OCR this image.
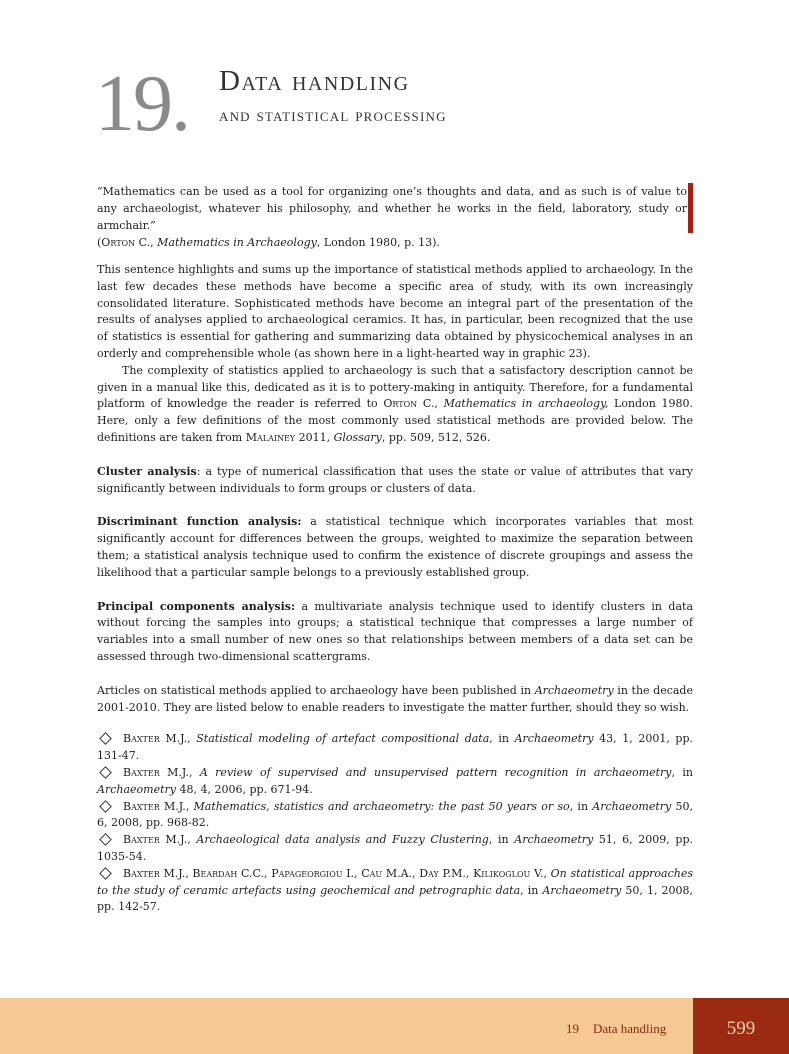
19. Data handling
and statistical processing
“Mathematics can be used as a tool for organizing one’s thoughts and data, and as such is of value to any archaeologist, whatever his philosophy, and whether he works in the field, laboratory, study or armchair.”
(Orton C., Mathematics in Archaeology, London 1980, p. 13).

This sentence highlights and sums up the importance of statistical methods applied to archaeology. In the last few decades these methods have become a specific area of study, with its own increasingly consolidated literature. Sophisticated methods have become an integral part of the presentation of the results of analyses applied to archaeological ceramics. It has, in particular, been recognized that the use of statistics is essential for gathering and summarizing data obtained by physicochemical analyses in an orderly and comprehensible whole (as shown here in a light-hearted way in graphic 23).

The complexity of statistics applied to archaeology is such that a satisfactory description cannot be given in a manual like this, dedicated as it is to pottery-making in antiquity. Therefore, for a fundamental platform of knowledge the reader is referred to Orton C., Mathematics in archaeology, London 1980. Here, only a few definitions of the most commonly used statistical methods are provided below. The definitions are taken from Malainey 2011, Glossary, pp. 509, 512, 526.

Cluster analysis: a type of numerical classification that uses the state or value of attributes that vary significantly between individuals to form groups or clusters of data.

Discriminant function analysis: a statistical technique which incorporates variables that most significantly account for differences between the groups, weighted to maximize the separation between them; a statistical analysis technique used to confirm the existence of discrete groupings and assess the likelihood that a particular sample belongs to a previously established group.

Principal components analysis: a multivariate analysis technique used to identify clusters in data without forcing the samples into groups; a statistical technique that compresses a large number of variables into a small number of new ones so that relationships between members of a data set can be assessed through two-dimensional scattergrams.

Articles on statistical methods applied to archaeology have been published in Archaeometry in the decade 2001-2010. They are listed below to enable readers to investigate the matter further, should they so wish.

Baxter M.J., Statistical modeling of artefact compositional data, in Archaeometry 43, 1, 2001, pp. 131-47.

Baxter M.J., A review of supervised and unsupervised pattern recognition in archaeometry, in Archaeometry 48, 4, 2006, pp. 671-94.

Baxter M.J., Mathematics, statistics and archaeometry: the past 50 years or so, in Archaeometry 50, 6, 2008, pp. 968-82.

Baxter M.J., Archaeological data analysis and Fuzzy Clustering, in Archaeometry 51, 6, 2009, pp. 1035-54.

Baxter M.J., Beardah C.C., Papageorgiou I., Cau M.A., Day P.M., Kilikoglou V., On statistical approaches to the study of ceramic artefacts using geochemical and petrographic data, in Archaeometry 50, 1, 2008, pp. 142-57.

19 Data handling	599
